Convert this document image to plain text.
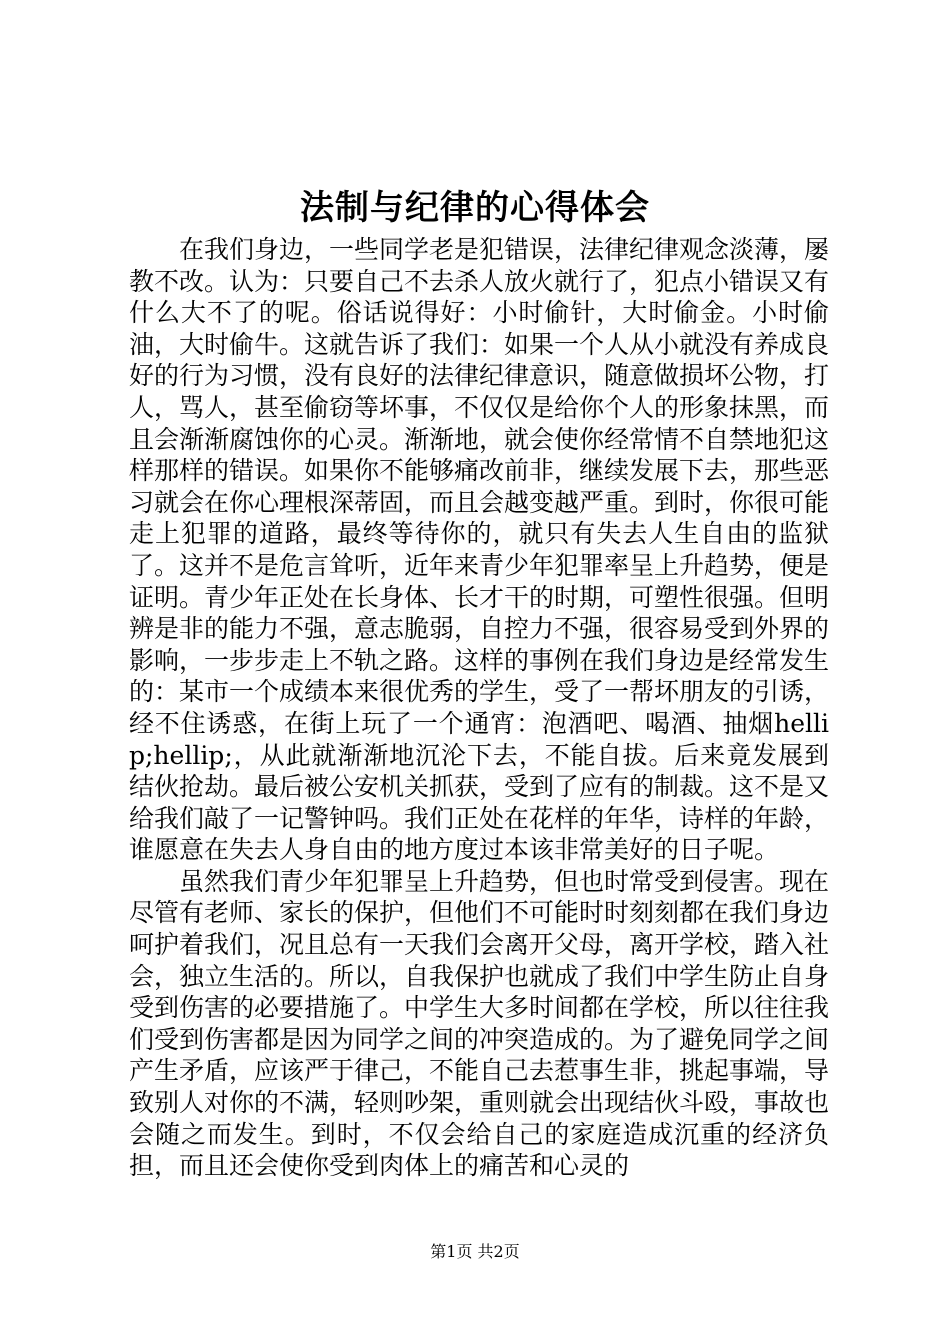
法制与纪律的心得体会

在我们身边，一些同学老是犯错误，法律纪律观念淡薄，屡教不改。认为：只要自己不去杀人放火就行了，犯点小错误又有什么大不了的呢。俗话说得好：小时偷针，大时偷金。小时偷油，大时偷牛。这就告诉了我们：如果一个人从小就没有养成良好的行为习惯，没有良好的法律纪律意识，随意做损坏公物，打人，骂人，甚至偷窃等坏事，不仅仅是给你个人的形象抹黑，而且会渐渐腐蚀你的心灵。渐渐地，就会使你经常情不自禁地犯这样那样的错误。如果你不能够痛改前非，继续发展下去，那些恶习就会在你心理根深蒂固，而且会越变越严重。到时，你很可能走上犯罪的道路，最终等待你的，就只有失去人生自由的监狱了。这并不是危言耸听，近年来青少年犯罪率呈上升趋势，便是证明。青少年正处在长身体、长才干的时期，可塑性很强。但明辨是非的能力不强，意志脆弱，自控力不强，很容易受到外界的影响，一步步走上不轨之路。这样的事例在我们身边是经常发生的：某市一个成绩本来很优秀的学生，受了一帮坏朋友的引诱，经不住诱惑，在街上玩了一个通宵：泡酒吧、喝酒、抽烟hellip;hellip;，从此就渐渐地沉沦下去，不能自拔。后来竟发展到结伙抢劫。最后被公安机关抓获，受到了应有的制裁。这不是又给我们敲了一记警钟吗。我们正处在花样的年华，诗样的年龄，谁愿意在失去人身自由的地方度过本该非常美好的日子呢。

虽然我们青少年犯罪呈上升趋势，但也时常受到侵害。现在尽管有老师、家长的保护，但他们不可能时时刻刻都在我们身边呵护着我们，况且总有一天我们会离开父母，离开学校，踏入社会，独立生活的。所以，自我保护也就成了我们中学生防止自身受到伤害的必要措施了。中学生大多时间都在学校，所以往往我们受到伤害都是因为同学之间的冲突造成的。为了避免同学之间产生矛盾，应该严于律己，不能自己去惹事生非，挑起事端，导致别人对你的不满，轻则吵架，重则就会出现结伙斗殴，事故也会随之而发生。到时，不仅会给自己的家庭造成沉重的经济负担，而且还会使你受到肉体上的痛苦和心灵的

第1页 共2页
